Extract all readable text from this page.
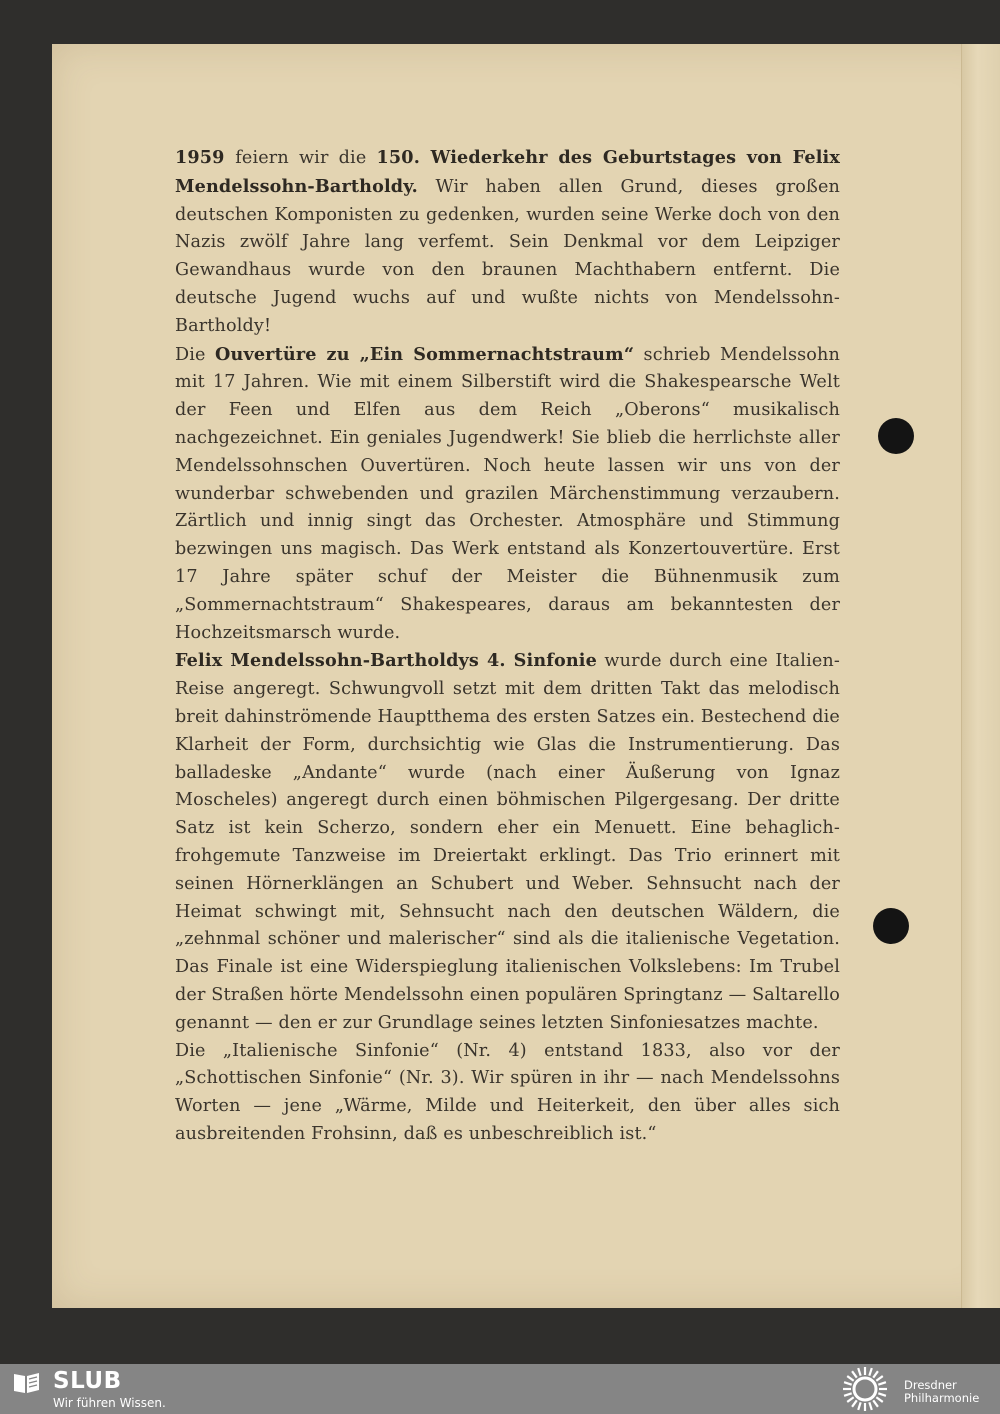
1959 feiern wir die 150. Wiederkehr des Geburtstages von Felix Mendelssohn-Bartholdy. Wir haben allen Grund, dieses großen deutschen Komponisten zu gedenken, wurden seine Werke doch von den Nazis zwölf Jahre lang verfemt. Sein Denkmal vor dem Leipziger Gewandhaus wurde von den braunen Machthabern entfernt. Die deutsche Jugend wuchs auf und wußte nichts von Mendelssohn-Bartholdy!

Die Ouvertüre zu „Ein Sommernachtstraum“ schrieb Mendelssohn mit 17 Jahren. Wie mit einem Silberstift wird die Shakespearsche Welt der Feen und Elfen aus dem Reich „Oberons“ musikalisch nachgezeichnet. Ein geniales Jugendwerk! Sie blieb die herrlichste aller Mendelssohnschen Ouvertüren. Noch heute lassen wir uns von der wunderbar schwebenden und grazilen Märchenstimmung verzaubern. Zärtlich und innig singt das Orchester. Atmosphäre und Stimmung bezwingen uns magisch. Das Werk entstand als Konzertouvertüre. Erst 17 Jahre später schuf der Meister die Bühnenmusik zum „Sommernachtstraum“ Shakespeares, daraus am bekanntesten der Hochzeitsmarsch wurde.

Felix Mendelssohn-Bartholdys 4. Sinfonie wurde durch eine Italien-Reise angeregt. Schwungvoll setzt mit dem dritten Takt das melodisch breit dahinströmende Hauptthema des ersten Satzes ein. Bestechend die Klarheit der Form, durchsichtig wie Glas die Instrumentierung. Das balladeske „Andante“ wurde (nach einer Äußerung von Ignaz Moscheles) angeregt durch einen böhmischen Pilgergesang. Der dritte Satz ist kein Scherzo, sondern eher ein Menuett. Eine behaglich-frohgemute Tanzweise im Dreiertakt erklingt. Das Trio erinnert mit seinen Hörnerklängen an Schubert und Weber. Sehnsucht nach der Heimat schwingt mit, Sehnsucht nach den deutschen Wäldern, die „zehnmal schöner und malerischer“ sind als die italienische Vegetation. Das Finale ist eine Widerspieglung italienischen Volkslebens: Im Trubel der Straßen hörte Mendelssohn einen populären Springtanz — Saltarello genannt — den er zur Grundlage seines letzten Sinfoniesatzes machte.

Die „Italienische Sinfonie“ (Nr. 4) entstand 1833, also vor der „Schottischen Sinfonie“ (Nr. 3). Wir spüren in ihr — nach Mendelssohns Worten — jene „Wärme, Milde und Heiterkeit, den über alles sich ausbreitenden Frohsinn, daß es unbeschreiblich ist.“

SLUB
Wir führen Wissen.
Dresdner
Philharmonie
